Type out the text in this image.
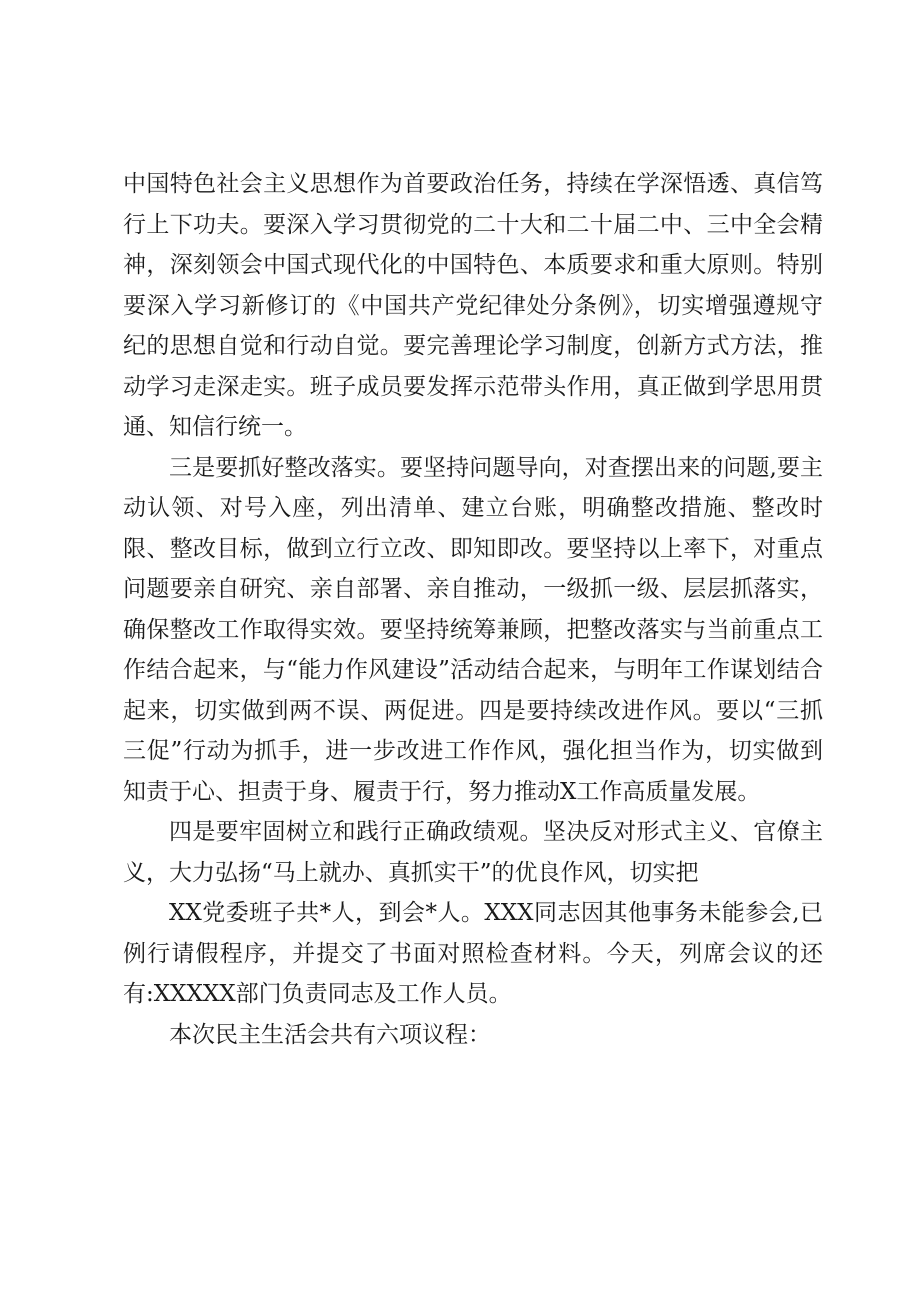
中国特色社会主义思想作为首要政治任务，持续在学深悟透、真信笃行上下功夫。要深入学习贯彻党的二十大和二十届二中、三中全会精神，深刻领会中国式现代化的中国特色、本质要求和重大原则。特别要深入学习新修订的《中国共产党纪律处分条例》，切实增强遵规守纪的思想自觉和行动自觉。要完善理论学习制度，创新方式方法，推动学习走深走实。班子成员要发挥示范带头作用，真正做到学思用贯通、知信行统一。

三是要抓好整改落实。要坚持问题导向，对查摆出来的问题,要主动认领、对号入座，列出清单、建立台账，明确整改措施、整改时限、整改目标，做到立行立改、即知即改。要坚持以上率下，对重点问题要亲自研究、亲自部署、亲自推动，一级抓一级、层层抓落实，确保整改工作取得实效。要坚持统筹兼顾，把整改落实与当前重点工作结合起来，与“能力作风建设”活动结合起来，与明年工作谋划结合起来，切实做到两不误、两促进。四是要持续改进作风。要以“三抓三促”行动为抓手，进一步改进工作作风，强化担当作为，切实做到知责于心、担责于身、履责于行，努力推动X工作高质量发展。

四是要牢固树立和践行正确政绩观。坚决反对形式主义、官僚主义，大力弘扬“马上就办、真抓实干”的优良作风，切实把

XX党委班子共*人，到会*人。XXX同志因其他事务未能参会,已例行请假程序，并提交了书面对照检查材料。今天，列席会议的还有:XXXXX部门负责同志及工作人员。

本次民主生活会共有六项议程：
